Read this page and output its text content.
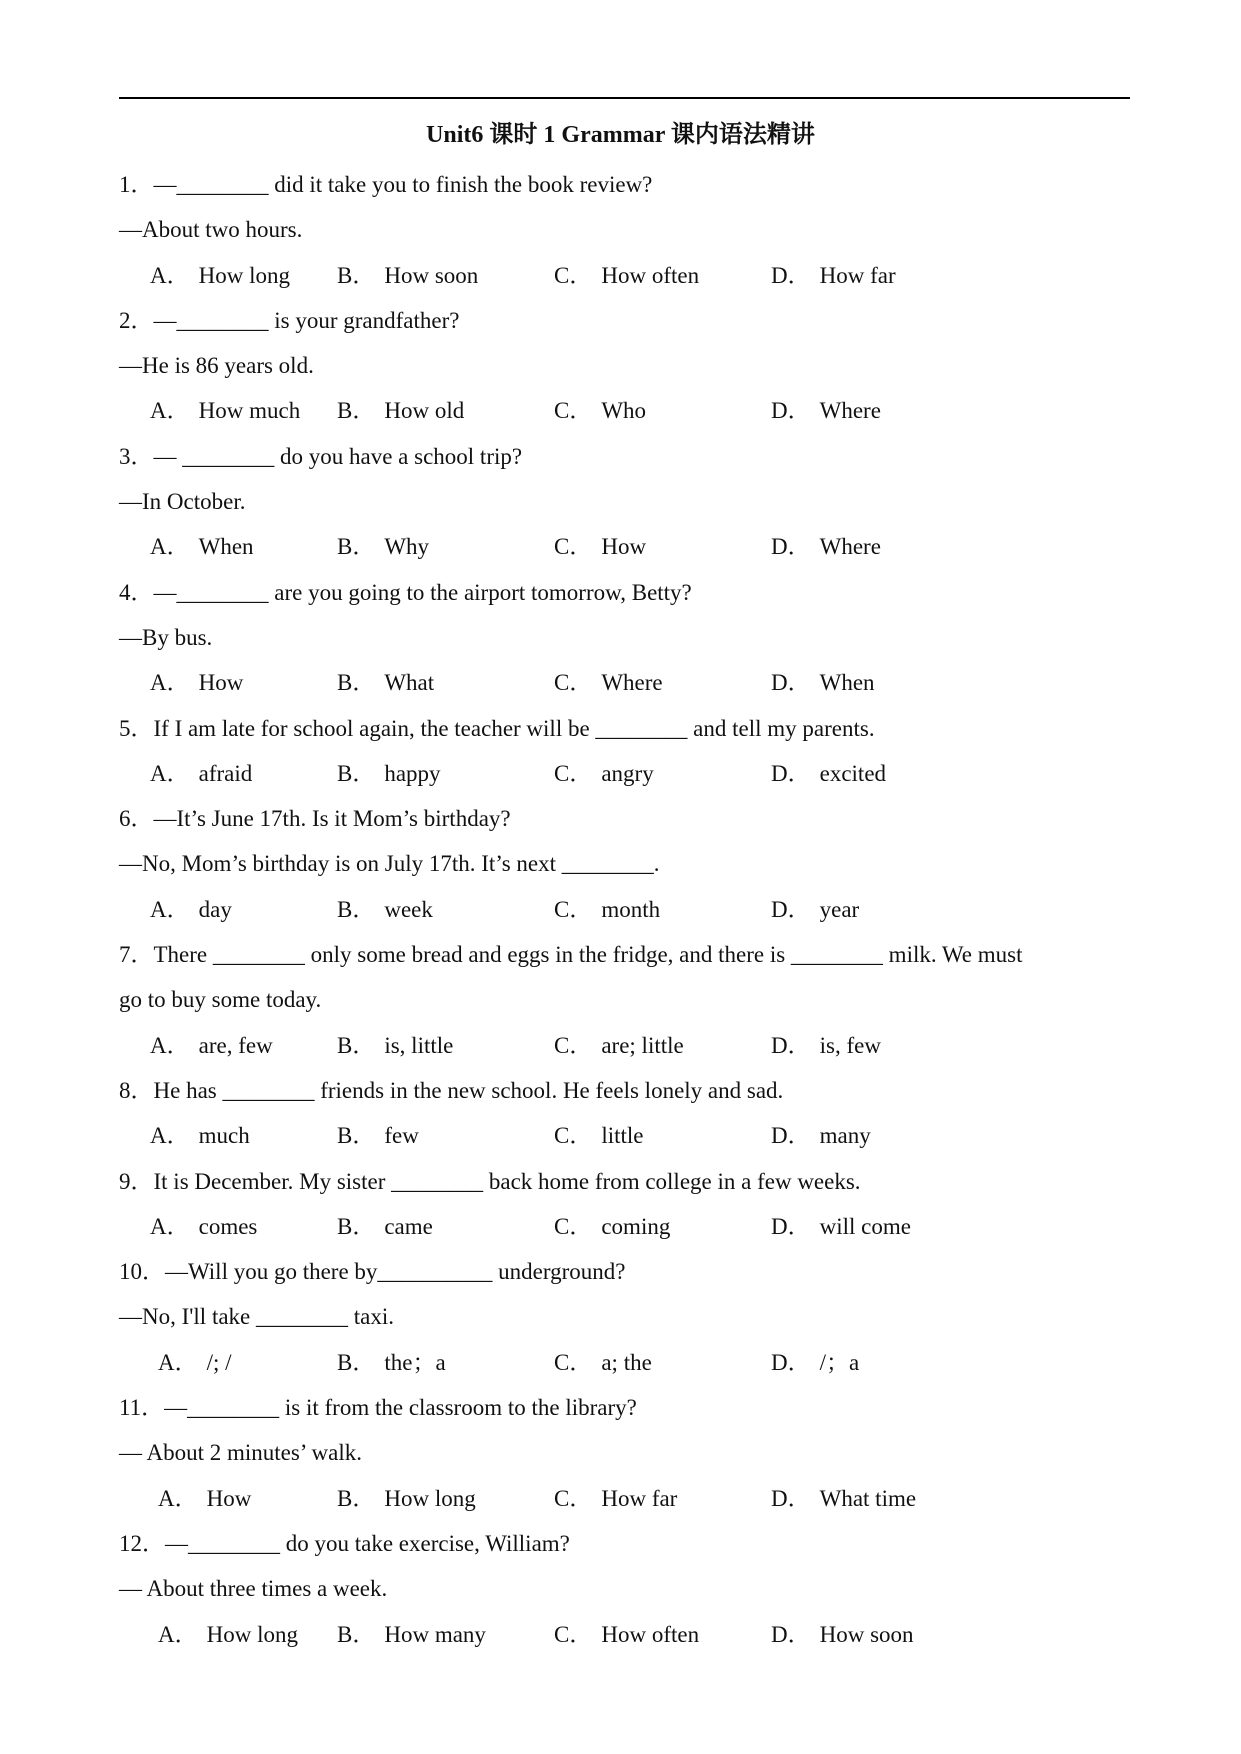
Unit6 课时 1 Grammar 课内语法精讲
1．—________ did it take you to finish the book review?
—About two hours.
A． How long B． How soon	C． How often	D． How far
2．—________ is your grandfather?
—He is 86 years old.
A． How much B． How old	C． Who	D． Where
3．— ________ do you have a school trip?
—In October.
A． When	B． Why	C． How	D． Where
4．—________ are you going to the airport tomorrow, Betty?
—By bus.
A． How	B． What	C． Where	D． When
5．If I am late for school again, the teacher will be ________ and tell my parents.
A． afraid	B． happy	C． angry	D． excited
6．—It’s June 17th. Is it Mom’s birthday?
—No, Mom’s birthday is on July 17th. It’s next ________.
A． day	B． week	C． month	D． year
7．There ________ only some bread and eggs in the fridge, and there is ________ milk. We must
go to buy some today.
A． are, few	B． is, little	C． are; little	D． is, few
8．He has ________ friends in the new school. He feels lonely and sad.
A． much	B． few	C． little	D． many
9．It is December. My sister ________ back home from college in a few weeks.
A． comes	B． came	C． coming	D． will come
10．—Will you go there by__________ underground?
—No, I'll take ________ taxi.
A． /; /	B． the；a	C． a; the	D． /；a
11．—________ is it from the classroom to the library?
— About 2 minutes’ walk.
A． How	B． How long	C． How far	D． What time
12．—________ do you take exercise, William?
— About three times a week.
A． How long B． How many	C． How often	D． How soon
